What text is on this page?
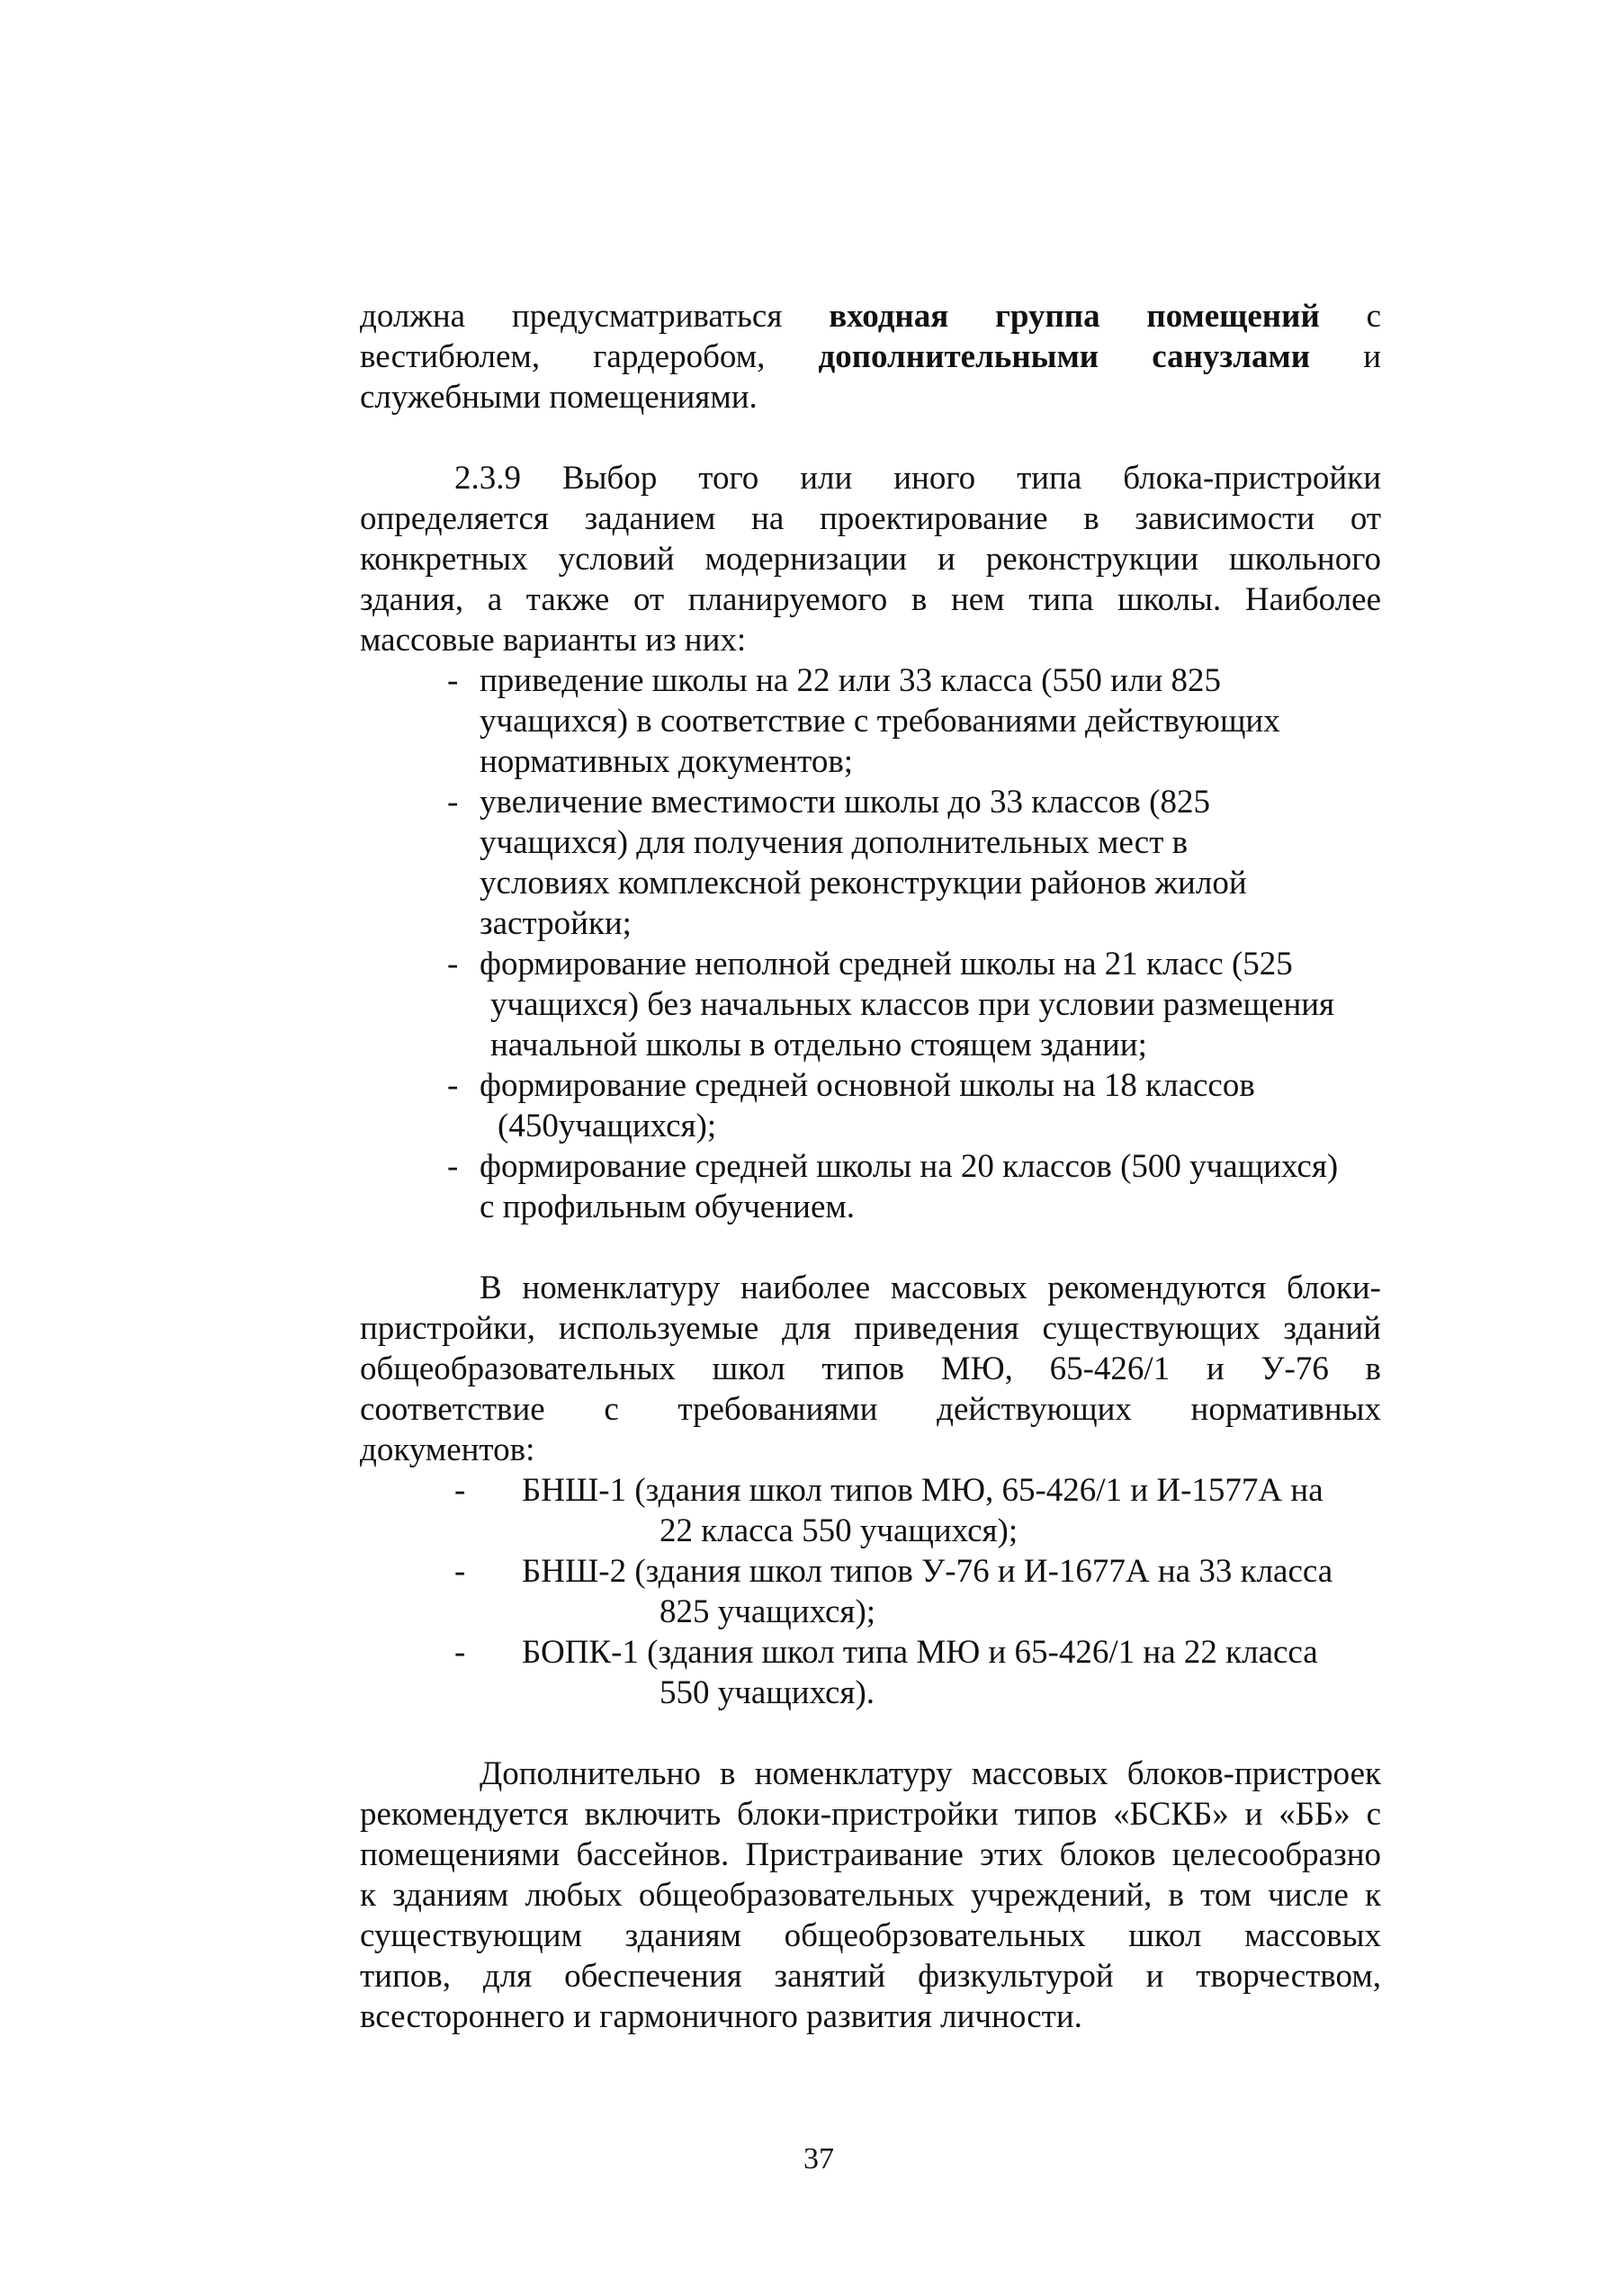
должна предусматриваться входная группа помещений с
вестибюлем, гардеробом, дополнительными санузлами и
служебными помещениями.
2.3.9 Выбор того или иного типа блока-пристройки
определяется заданием на проектирование в зависимости от
конкретных условий модернизации и реконструкции школьного
здания, а также от планируемого в нем типа школы. Наиболее
массовые варианты из них:
- приведение школы на 22 или 33 класса (550 или 825
учащихся) в соответствие с требованиями действующих
нормативных документов;
- увеличение вместимости школы до 33 классов (825
учащихся) для получения дополнительных мест в
условиях комплексной реконструкции районов жилой
застройки;
- формирование неполной средней школы на 21 класс (525
учащихся) без начальных классов при условии размещения
начальной школы в отдельно стоящем здании;
- формирование средней основной школы на 18 классов
(450учащихся);
- формирование средней школы на 20 классов (500 учащихся)
с профильным обучением.
В номенклатуру наиболее массовых рекомендуются блоки-
пристройки, используемые для приведения существующих зданий
общеобразовательных школ типов МЮ, 65-426/1 и У-76 в
соответствие с требованиями действующих нормативных
документов:
- БНШ-1 (здания школ типов МЮ, 65-426/1 и И-1577А на
22 класса 550 учащихся);
- БНШ-2 (здания школ типов У-76 и И-1677А на 33 класса
825 учащихся);
- БОПК-1 (здания школ типа МЮ и 65-426/1 на 22 класса
550 учащихся).
Дополнительно в номенклатуру массовых блоков-пристроек
рекомендуется включить блоки-пристройки типов «БСКБ» и «ББ» с
помещениями бассейнов. Пристраивание этих блоков целесообразно
к зданиям любых общеобразовательных учреждений, в том числе к
существующим зданиям общеобрзовательных школ массовых
типов, для обеспечения занятий физкультурой и творчеством,
всестороннего и гармоничного развития личности.
37
